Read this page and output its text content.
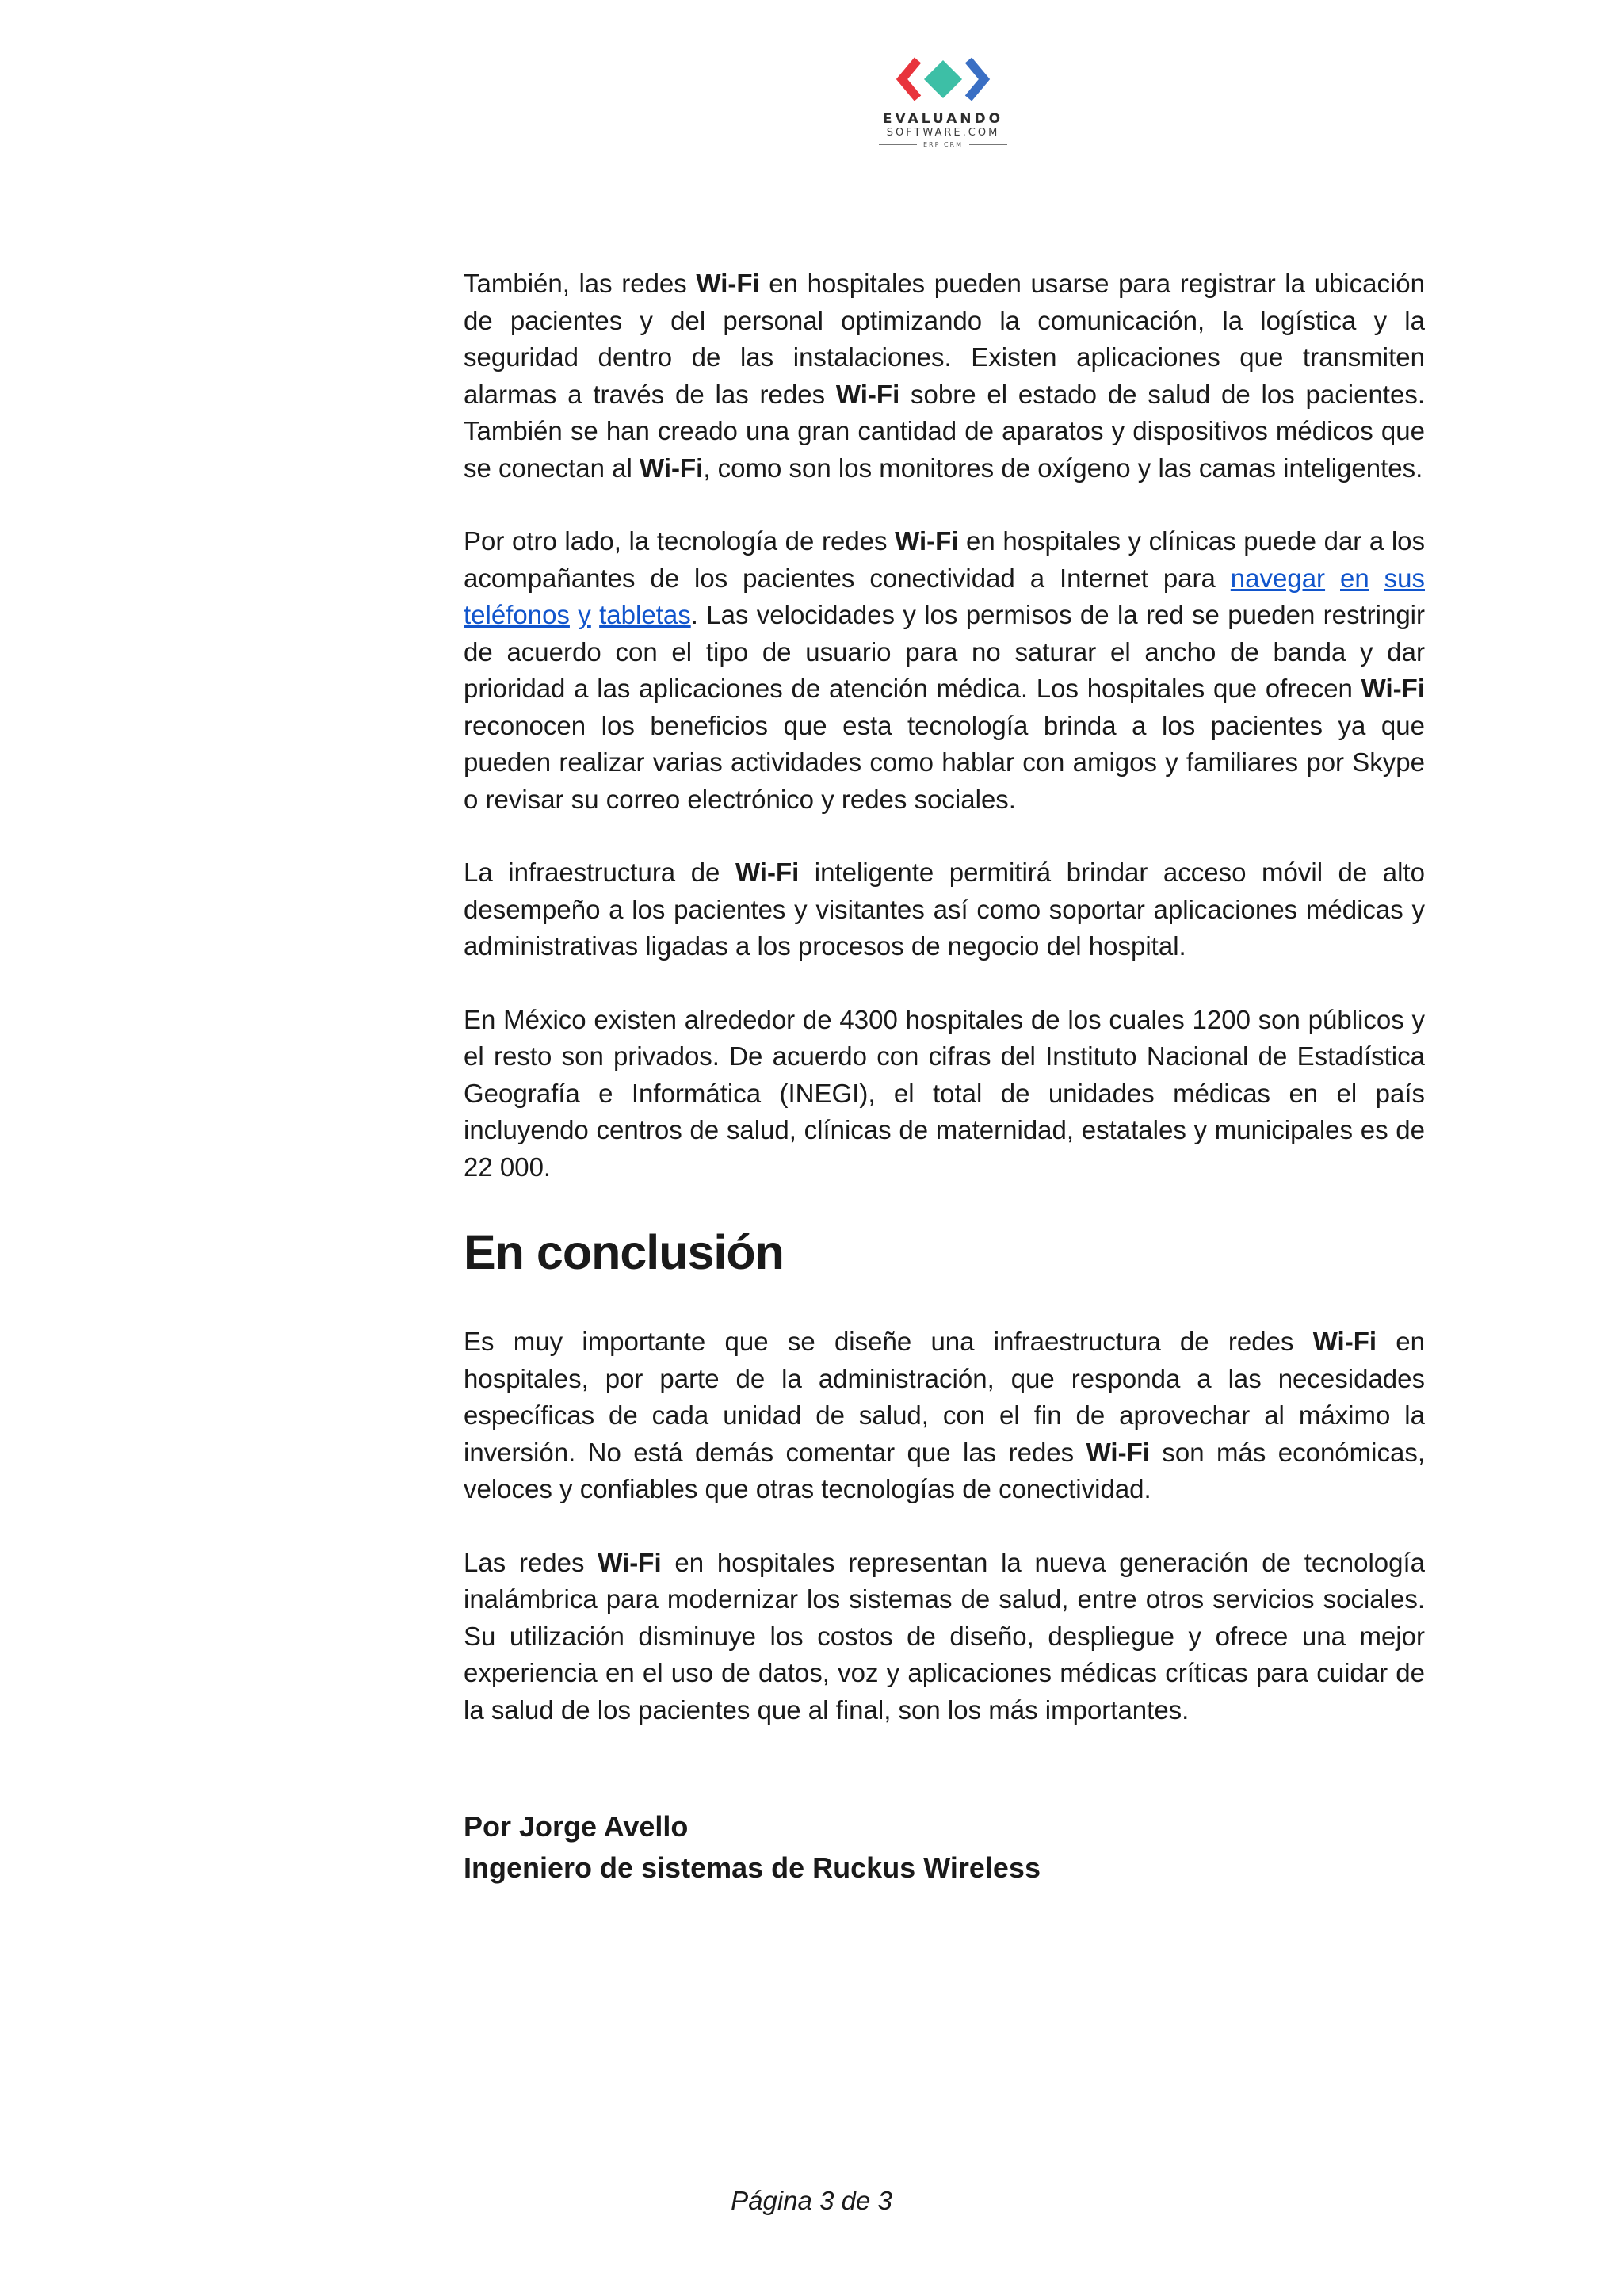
EVALUANDO
SOFTWARE.COM
ERP CRM

También, las redes Wi-Fi en hospitales pueden usarse para registrar la ubicación de pacientes y del personal optimizando la comunicación, la logística y la seguridad dentro de las instalaciones. Existen aplicaciones que transmiten alarmas a través de las redes Wi-Fi sobre el estado de salud de los pacientes. También se han creado una gran cantidad de aparatos y dispositivos médicos que se conectan al Wi-Fi, como son los monitores de oxígeno y las camas inteligentes.

Por otro lado, la tecnología de redes Wi-Fi en hospitales y clínicas puede dar a los acompañantes de los pacientes conectividad a Internet para navegar en sus teléfonos y tabletas. Las velocidades y los permisos de la red se pueden restringir de acuerdo con el tipo de usuario para no saturar el ancho de banda y dar prioridad a las aplicaciones de atención médica. Los hospitales que ofrecen Wi-Fi reconocen los beneficios que esta tecnología brinda a los pacientes ya que pueden realizar varias actividades como hablar con amigos y familiares por Skype o revisar su correo electrónico y redes sociales.

La infraestructura de Wi-Fi inteligente permitirá brindar acceso móvil de alto desempeño a los pacientes y visitantes así como soportar aplicaciones médicas y administrativas ligadas a los procesos de negocio del hospital.

En México existen alrededor de 4300 hospitales de los cuales 1200 son públicos y el resto son privados. De acuerdo con cifras del Instituto Nacional de Estadística Geografía e Informática (INEGI), el total de unidades médicas en el país incluyendo centros de salud, clínicas de maternidad, estatales y municipales es de 22 000.

En conclusión

Es muy importante que se diseñe una infraestructura de redes Wi-Fi en hospitales, por parte de la administración, que responda a las necesidades específicas de cada unidad de salud, con el fin de aprovechar al máximo la inversión. No está demás comentar que las redes Wi-Fi son más económicas, veloces y confiables que otras tecnologías de conectividad.

Las redes Wi-Fi en hospitales representan la nueva generación de tecnología inalámbrica para modernizar los sistemas de salud, entre otros servicios sociales. Su utilización disminuye los costos de diseño, despliegue y ofrece una mejor experiencia en el uso de datos, voz y aplicaciones médicas críticas para cuidar de la salud de los pacientes que al final, son los más importantes.

Por Jorge Avello
Ingeniero de sistemas de Ruckus Wireless
Página 3 de 3
